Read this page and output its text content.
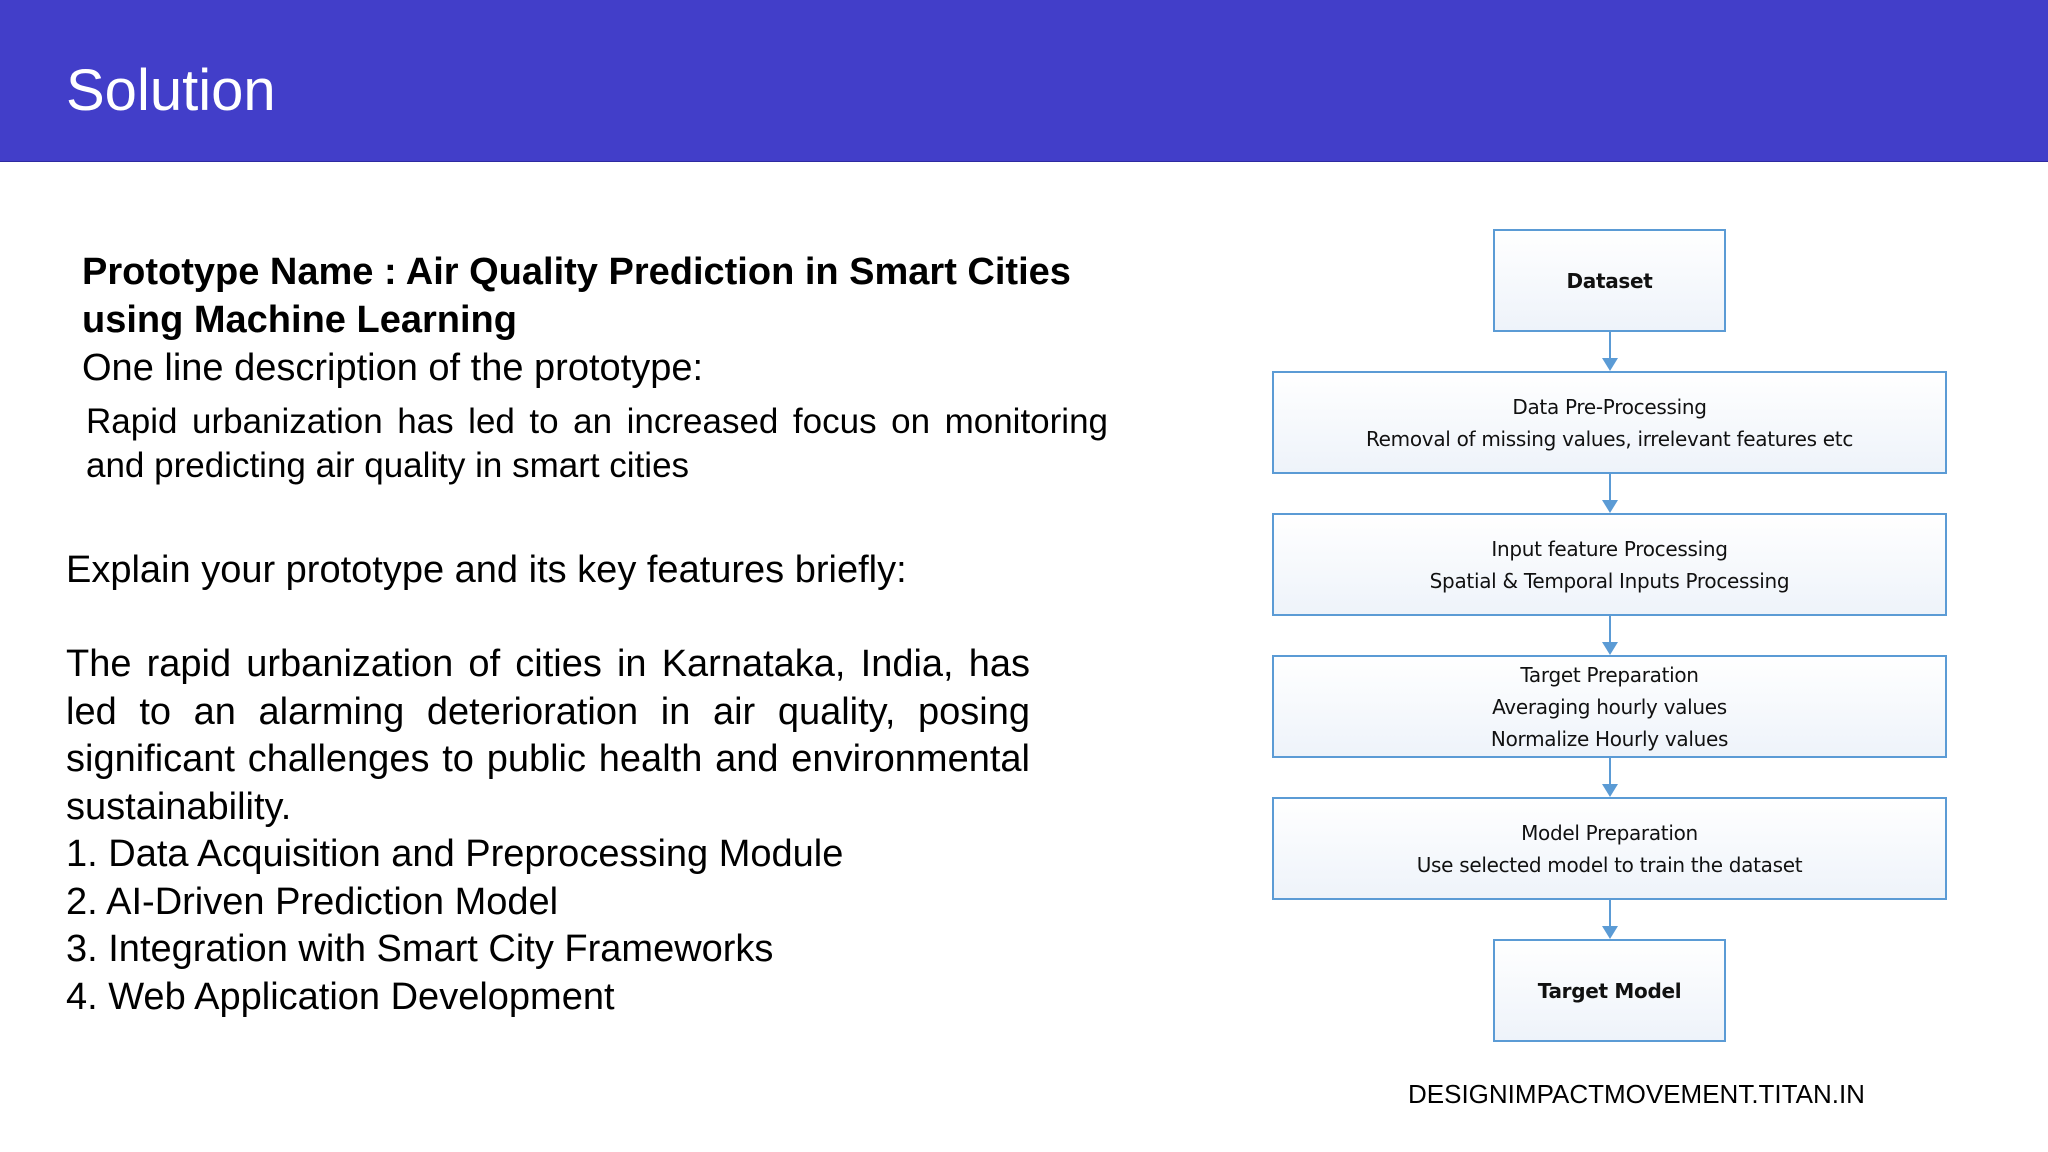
Solution
Prototype Name : Air Quality Prediction in Smart Cities using Machine Learning
One line description of the prototype:
Rapid urbanization has led to an increased focus on monitoring and predicting air quality in smart cities
Explain your prototype and its key features briefly:
The rapid urbanization of cities in Karnataka, India, has led to an alarming deterioration in air quality, posing significant challenges to public health and environmental sustainability.
1. Data Acquisition and Preprocessing Module
2. AI-Driven Prediction Model
3. Integration with Smart City Frameworks
4. Web Application Development
Dataset
Data Pre-Processing
Removal of missing values, irrelevant features etc
Input feature Processing
Spatial & Temporal Inputs Processing
Target Preparation
Averaging hourly values
Normalize Hourly values
Model Preparation
Use selected model to train the dataset
Target Model
DESIGNIMPACTMOVEMENT.TITAN.IN
